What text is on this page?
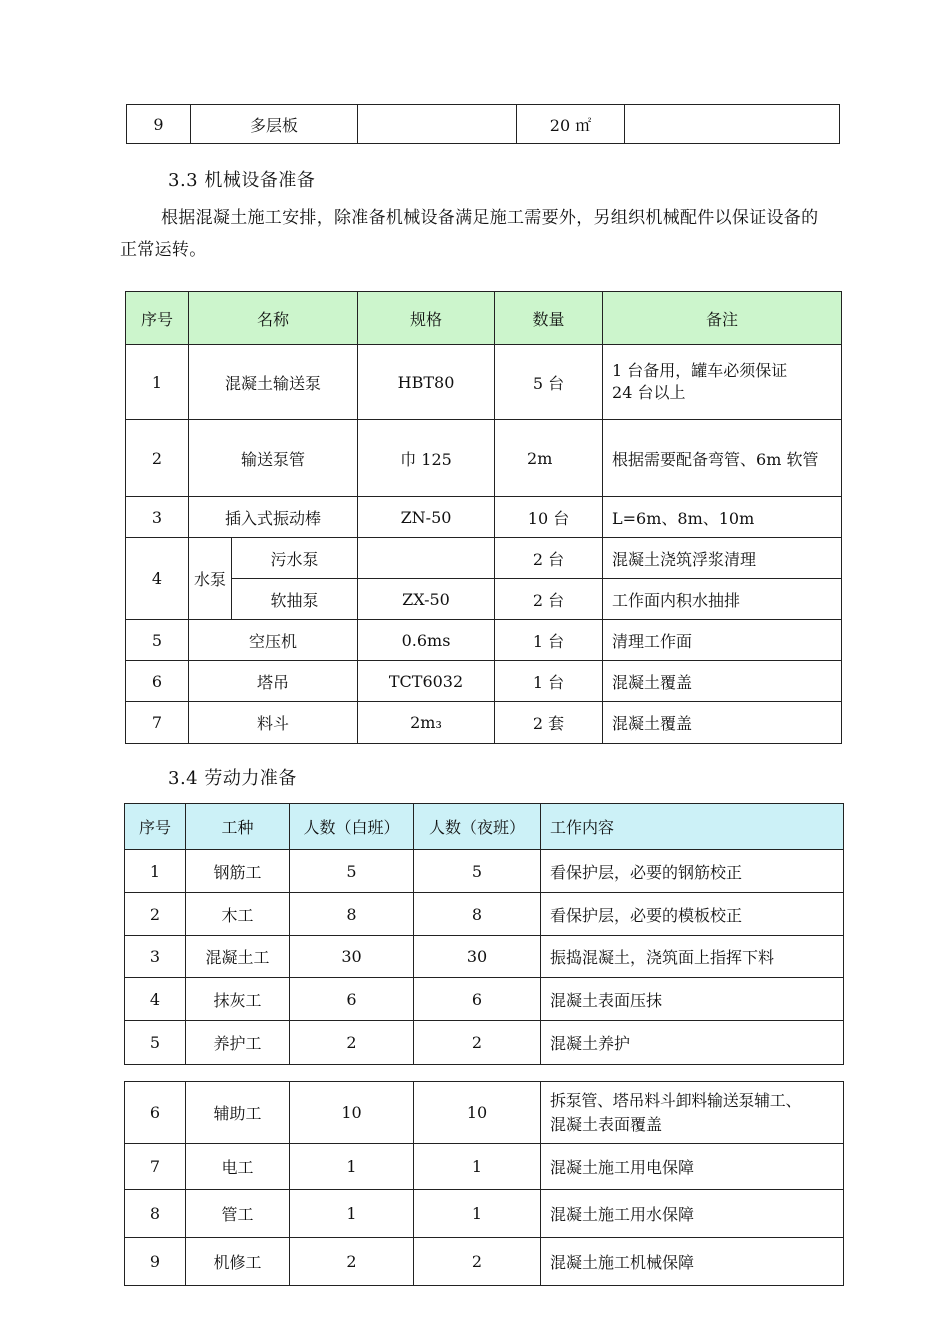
9	多层板		20 ㎡	
3.3 机械设备准备
根据混凝土施工安排，除准备机械设备满足施工需要外，另组织机械配件以保证设备的
正常运转。
序号	名称		规格	数量	备注
1	混凝土输送泵		HBT80	5 台	1 台备用，罐车必须保证
24 台以上

2	输送泵管		巾 125	2m	根据需要配备弯管、6m 软管
3	插入式振动棒		ZN-50	10 台	L=6m、8m、10m
4	水泵	污水泵		2 台	混凝土浇筑浮浆清理
		软抽泵	ZX-50	2 台	工作面内积水抽排
5	空压机		0.6ms	1 台	清理工作面
6	塔吊		TCT6032	1 台	混凝土覆盖
7	料斗		2m₃	2 套	混凝土覆盖
3.4 劳动力准备
序号	工种	人数（白班）	人数（夜班）	工作内容
1	钢筋工	5	5	看保护层，必要的钢筋校正
2	木工	8	8	看保护层，必要的模板校正
3	混凝土工	30	30	振捣混凝土，浇筑面上指挥下料
4	抹灰工	6	6	混凝土表面压抹
5	养护工	2	2	混凝土养护
6	辅助工	10	10	拆泵管、塔吊料斗卸料输送泵辅工、
混凝土表面覆盖

7	电工	1	1	混凝土施工用电保障
8	管工	1	1	混凝土施工用水保障
9	机修工	2	2	混凝土施工机械保障
